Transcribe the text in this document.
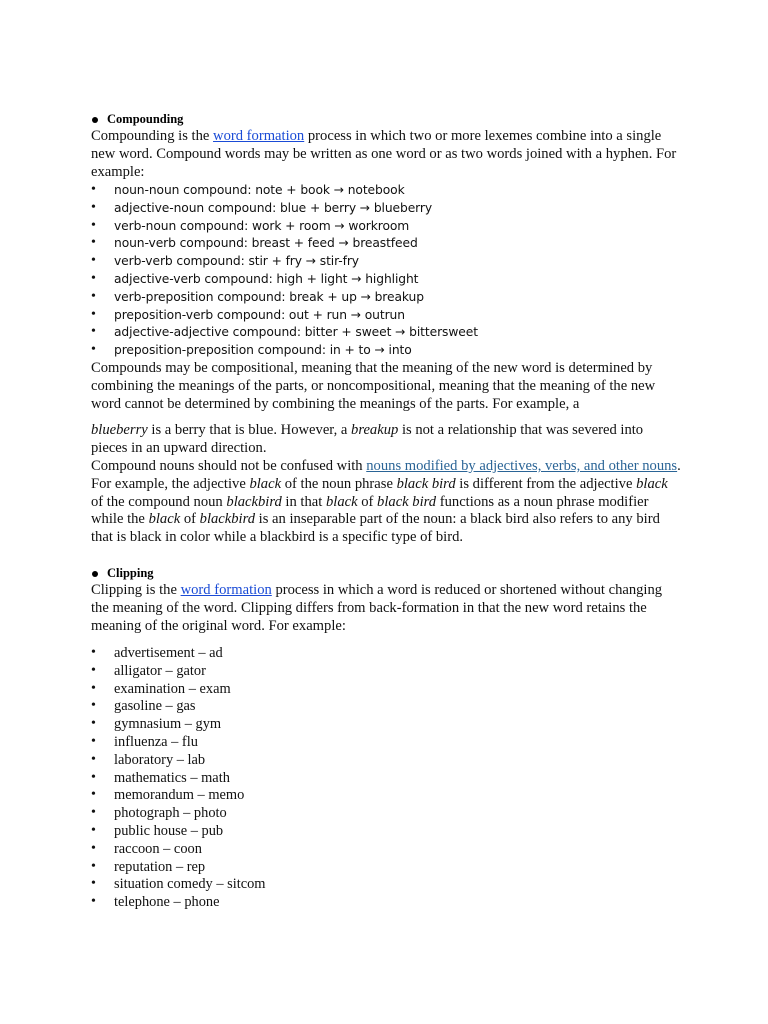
Compounding
Compounding is the word formation process in which two or more lexemes combine into a single new word. Compound words may be written as one word or as two words joined with a hyphen. For example:
• noun-noun compound: note + book → notebook
• adjective-noun compound: blue + berry → blueberry
• verb-noun compound: work + room → workroom
• noun-verb compound: breast + feed → breastfeed
• verb-verb compound: stir + fry → stir-fry
• adjective-verb compound: high + light → highlight
• verb-preposition compound: break + up → breakup
• preposition-verb compound: out + run → outrun
• adjective-adjective compound: bitter + sweet → bittersweet
• preposition-preposition compound: in + to → into
Compounds may be compositional, meaning that the meaning of the new word is determined by combining the meanings of the parts, or noncompositional, meaning that the meaning of the new word cannot be determined by combining the meanings of the parts. For example, a
blueberry is a berry that is blue. However, a breakup is not a relationship that was severed into pieces in an upward direction.
Compound nouns should not be confused with nouns modified by adjectives, verbs, and other nouns. For example, the adjective black of the noun phrase black bird is different from the adjective black of the compound noun blackbird in that black of black bird functions as a noun phrase modifier while the black of blackbird is an inseparable part of the noun: a black bird also refers to any bird that is black in color while a blackbird is a specific type of bird.
Clipping
Clipping is the word formation process in which a word is reduced or shortened without changing the meaning of the word. Clipping differs from back-formation in that the new word retains the meaning of the original word. For example:
• advertisement – ad
• alligator – gator
• examination – exam
• gasoline – gas
• gymnasium – gym
• influenza – flu
• laboratory – lab
• mathematics – math
• memorandum – memo
• photograph – photo
• public house – pub
• raccoon – coon
• reputation – rep
• situation comedy – sitcom
• telephone – phone
